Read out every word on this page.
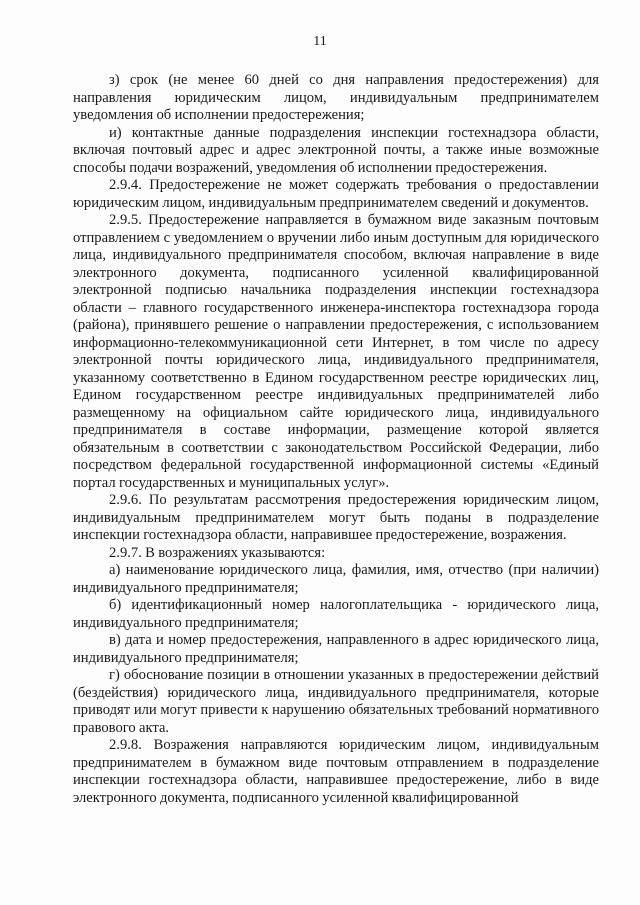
11

з) срок (не менее 60 дней со дня направления предостережения) для направления юридическим лицом, индивидуальным предпринимателем уведомления об исполнении предостережения;

и) контактные данные подразделения инспекции гостехнадзора области, включая почтовый адрес и адрес электронной почты, а также иные возможные способы подачи возражений, уведомления об исполнении предостережения.

2.9.4. Предостережение не может содержать требования о предоставлении юридическим лицом, индивидуальным предпринимателем сведений и документов.

2.9.5. Предостережение направляется в бумажном виде заказным почтовым отправлением с уведомлением о вручении либо иным доступным для юридического лица, индивидуального предпринимателя способом, включая направление в виде электронного документа, подписанного усиленной квалифицированной электронной подписью начальника подразделения инспекции гостехнадзора области – главного государственного инженера-инспектора гостехнадзора города (района), принявшего решение о направлении предостережения, с использованием информационно-телекоммуникационной сети Интернет, в том числе по адресу электронной почты юридического лица, индивидуального предпринимателя, указанному соответственно в Едином государственном реестре юридических лиц, Едином государственном реестре индивидуальных предпринимателей либо размещенному на официальном сайте юридического лица, индивидуального предпринимателя в составе информации, размещение которой является обязательным в соответствии с законодательством Российской Федерации, либо посредством федеральной государственной информационной системы «Единый портал государственных и муниципальных услуг».

2.9.6. По результатам рассмотрения предостережения юридическим лицом, индивидуальным предпринимателем могут быть поданы в подразделение инспекции гостехнадзора области, направившее предостережение, возражения.

2.9.7. В возражениях указываются:

а) наименование юридического лица, фамилия, имя, отчество (при наличии) индивидуального предпринимателя;

б) идентификационный номер налогоплательщика - юридического лица, индивидуального предпринимателя;

в) дата и номер предостережения, направленного в адрес юридического лица, индивидуального предпринимателя;

г) обоснование позиции в отношении указанных в предостережении действий (бездействия) юридического лица, индивидуального предпринимателя, которые приводят или могут привести к нарушению обязательных требований нормативного правового акта.

2.9.8. Возражения направляются юридическим лицом, индивидуальным предпринимателем в бумажном виде почтовым отправлением в подразделение инспекции гостехнадзора области, направившее предостережение, либо в виде электронного документа, подписанного усиленной квалифицированной
